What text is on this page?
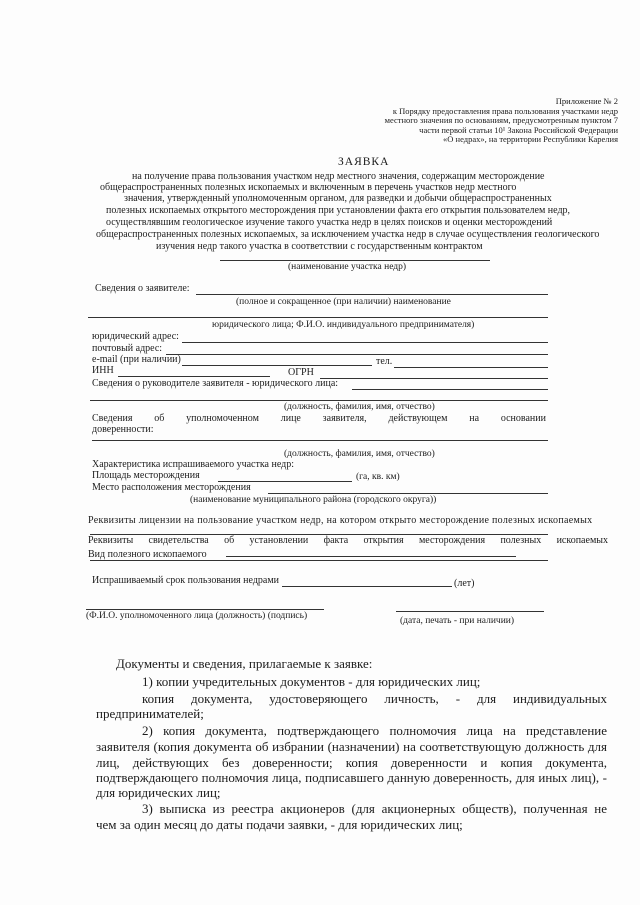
Приложение № 2
к Порядку предоставления права пользования участками недр
местного значения по основаниям, предусмотренным пунктом 7
части первой статьи 10¹ Закона Российской Федерации
«О недрах», на территории Республики Карелия
ЗАЯВКА
на получение права пользования участком недр местного значения, содержащим месторождение
общераспространенных полезных ископаемых и включенным в перечень участков недр местного
значения, утвержденный уполномоченным органом, для разведки и добычи общераспространенных
полезных ископаемых открытого месторождения при установлении факта его открытия пользователем недр,
осуществлявшим геологическое изучение такого участка недр в целях поисков и оценки месторождений
общераспространенных полезных ископаемых, за исключением участка недр в случае осуществления геологического
изучения недр такого участка в соответствии с государственным контрактом
(наименование участка недр)
Сведения о заявителе:
(полное и сокращенное (при наличии) наименование
юридического лица; Ф.И.О. индивидуального предпринимателя)
юридический адрес:
почтовый адрес:
e-mail (при наличии)	тел.
ИНН	ОГРН
Сведения о руководителе заявителя - юридического лица:
(должность, фамилия, имя, отчество)
Сведения об уполномоченном лице заявителя, действующем на основании
доверенности:
(должность, фамилия, имя, отчество)
Характеристика испрашиваемого участка недр:
Площадь месторождения	(га, кв. км)
Место расположения месторождения
(наименование муниципального района (городского округа))
Реквизиты лицензии на пользование участком недр, на котором открыто месторождение полезных ископаемых
Реквизиты свидетельства об установлении факта открытия месторождения полезных ископаемых
Вид полезного ископаемого
Испрашиваемый срок пользования недрами	(лет)
(Ф.И.О. уполномоченного лица (должность) (подпись)	(дата, печать - при наличии)
Документы и сведения, прилагаемые к заявке:
1) копии учредительных документов - для юридических лиц;
копия документа, удостоверяющего личность, - для индивидуальных
предпринимателей;
2) копия документа, подтверждающего полномочия лица на представление
заявителя (копия документа об избрании (назначении) на соответствующую должность для
лиц, действующих без доверенности; копия доверенности и копия документа,
подтверждающего полномочия лица, подписавшего данную доверенность, для иных лиц), -
для юридических лиц;
3) выписка из реестра акционеров (для акционерных обществ), полученная не
чем за один месяц до даты подачи заявки, - для юридических лиц;
